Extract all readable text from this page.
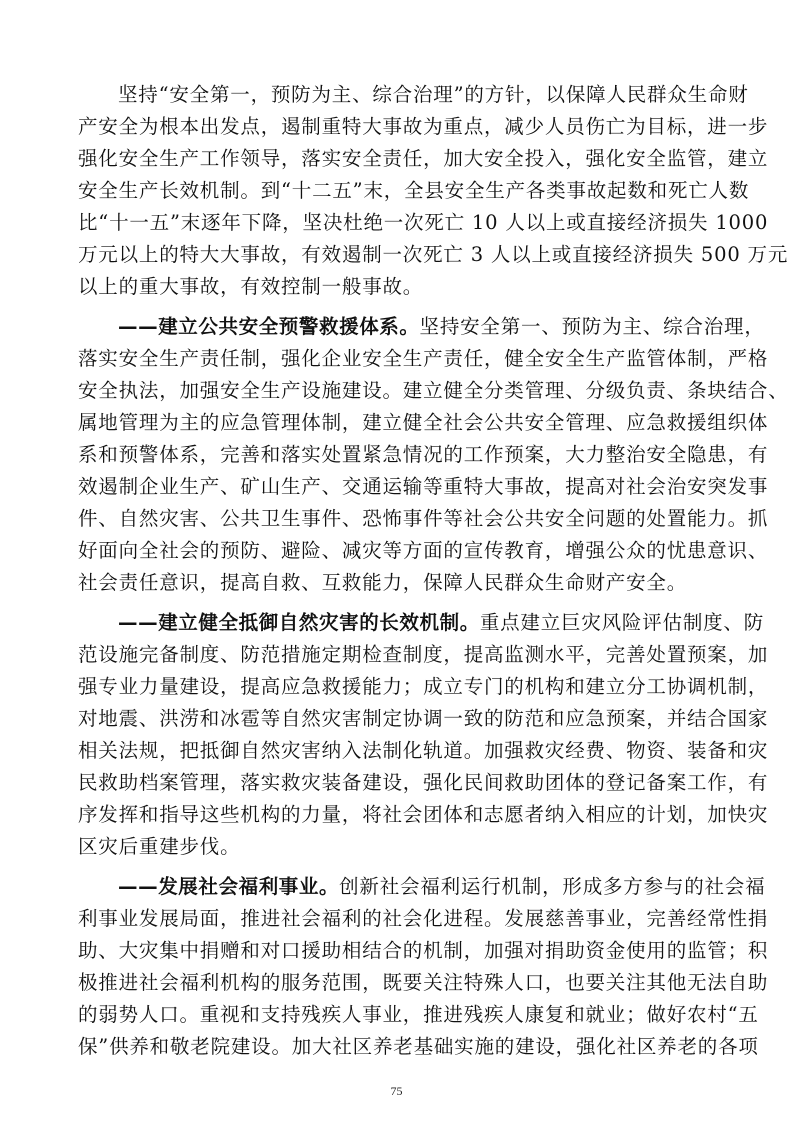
坚持“安全第一，预防为主、综合治理”的方针，以保障人民群众生命财
产安全为根本出发点，遏制重特大事故为重点，减少人员伤亡为目标，进一步
强化安全生产工作领导，落实安全责任，加大安全投入，强化安全监管，建立
安全生产长效机制。到“十二五”末，全县安全生产各类事故起数和死亡人数
比“十一五”末逐年下降，坚决杜绝一次死亡 10 人以上或直接经济损失 1000
万元以上的特大大事故，有效遏制一次死亡 3 人以上或直接经济损失 500 万元
以上的重大事故，有效控制一般事故。
——建立公共安全预警救援体系。坚持安全第一、预防为主、综合治理，
落实安全生产责任制，强化企业安全生产责任，健全安全生产监管体制，严格
安全执法，加强安全生产设施建设。建立健全分类管理、分级负责、条块结合、
属地管理为主的应急管理体制，建立健全社会公共安全管理、应急救援组织体
系和预警体系，完善和落实处置紧急情况的工作预案，大力整治安全隐患，有
效遏制企业生产、矿山生产、交通运输等重特大事故，提高对社会治安突发事
件、自然灾害、公共卫生事件、恐怖事件等社会公共安全问题的处置能力。抓
好面向全社会的预防、避险、减灾等方面的宣传教育，增强公众的忧患意识、
社会责任意识，提高自救、互救能力，保障人民群众生命财产安全。
——建立健全抵御自然灾害的长效机制。重点建立巨灾风险评估制度、防
范设施完备制度、防范措施定期检查制度，提高监测水平，完善处置预案，加
强专业力量建设，提高应急救援能力；成立专门的机构和建立分工协调机制，
对地震、洪涝和冰雹等自然灾害制定协调一致的防范和应急预案，并结合国家
相关法规，把抵御自然灾害纳入法制化轨道。加强救灾经费、物资、装备和灾
民救助档案管理，落实救灾装备建设，强化民间救助团体的登记备案工作，有
序发挥和指导这些机构的力量，将社会团体和志愿者纳入相应的计划，加快灾
区灾后重建步伐。
——发展社会福利事业。创新社会福利运行机制，形成多方参与的社会福
利事业发展局面，推进社会福利的社会化进程。发展慈善事业，完善经常性捐
助、大灾集中捐赠和对口援助相结合的机制，加强对捐助资金使用的监管；积
极推进社会福利机构的服务范围，既要关注特殊人口，也要关注其他无法自助
的弱势人口。重视和支持残疾人事业，推进残疾人康复和就业；做好农村“五
保”供养和敬老院建设。加大社区养老基础实施的建设，强化社区养老的各项
75
